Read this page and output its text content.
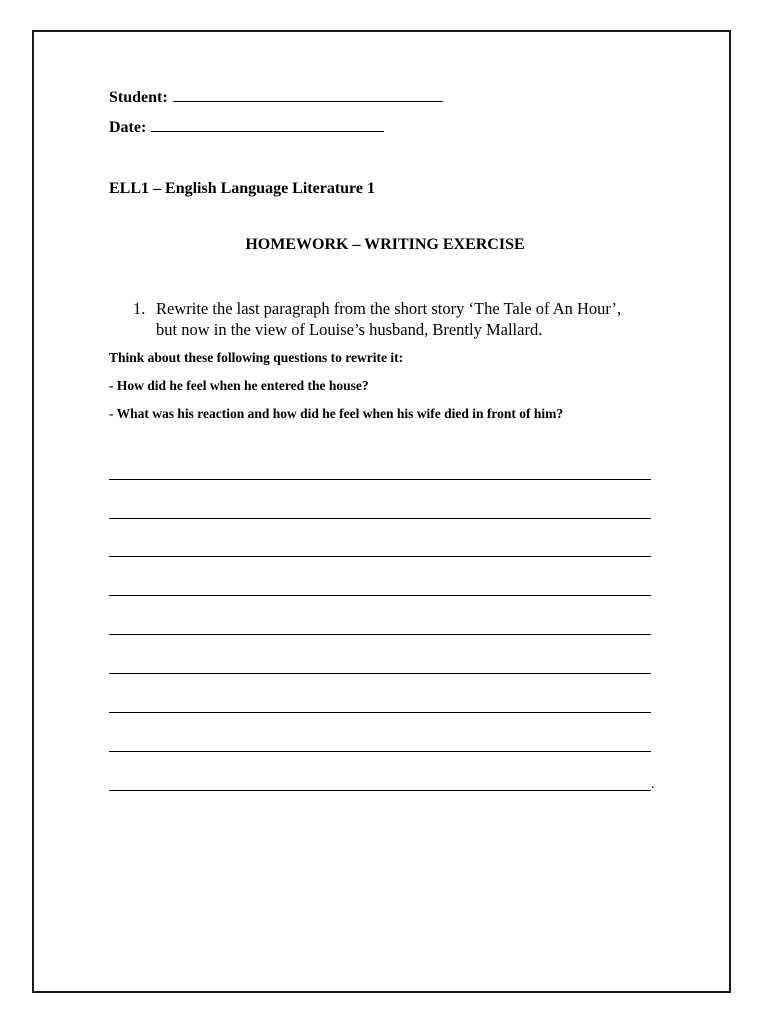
Student:
Date:
ELL1 – English Language Literature 1
HOMEWORK – WRITING EXERCISE
1. Rewrite the last paragraph from the short story ‘The Tale of An Hour’,
but now in the view of Louise’s husband, Brently Mallard.
Think about these following questions to rewrite it:
- How did he feel when he entered the house?
- What was his reaction and how did he feel when his wife died in front of him?
.
